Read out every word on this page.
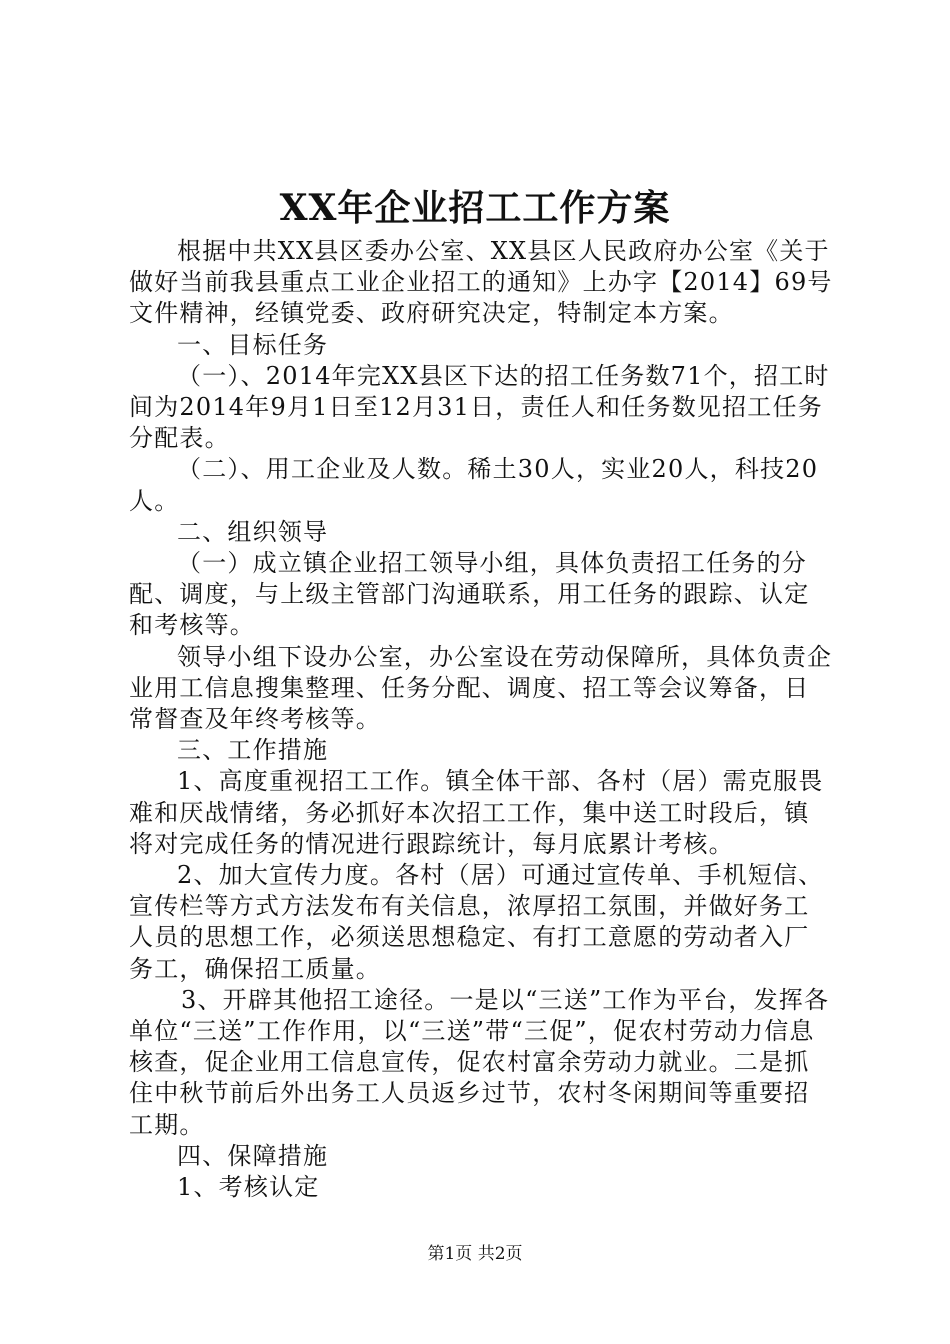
XX年企业招工工作方案

根据中共XX县区委办公室、XX县区人民政府办公室《关于做好当前我县重点工业企业招工的通知》上办字【2014】69号文件精神，经镇党委、政府研究决定，特制定本方案。

一、目标任务

（一）、2014年完XX县区下达的招工任务数71个，招工时间为2014年9月1日至12月31日，责任人和任务数见招工任务分配表。

（二）、用工企业及人数。稀土30人，实业20人，科技20人。

二、组织领导

（一）成立镇企业招工领导小组，具体负责招工任务的分配、调度，与上级主管部门沟通联系，用工任务的跟踪、认定和考核等。

领导小组下设办公室，办公室设在劳动保障所，具体负责企业用工信息搜集整理、任务分配、调度、招工等会议筹备，日常督查及年终考核等。

三、工作措施

1、高度重视招工工作。镇全体干部、各村（居）需克服畏难和厌战情绪，务必抓好本次招工工作，集中送工时段后，镇将对完成任务的情况进行跟踪统计，每月底累计考核。

2、加大宣传力度。各村（居）可通过宣传单、手机短信、宣传栏等方式方法发布有关信息，浓厚招工氛围，并做好务工人员的思想工作，必须送思想稳定、有打工意愿的劳动者入厂务工，确保招工质量。

3、开辟其他招工途径。一是以“三送”工作为平台，发挥各单位“三送”工作作用，以“三送”带“三促”，促农村劳动力信息核查，促企业用工信息宣传，促农村富余劳动力就业。二是抓住中秋节前后外出务工人员返乡过节，农村冬闲期间等重要招工期。

四、保障措施

1、考核认定

第1页 共2页
